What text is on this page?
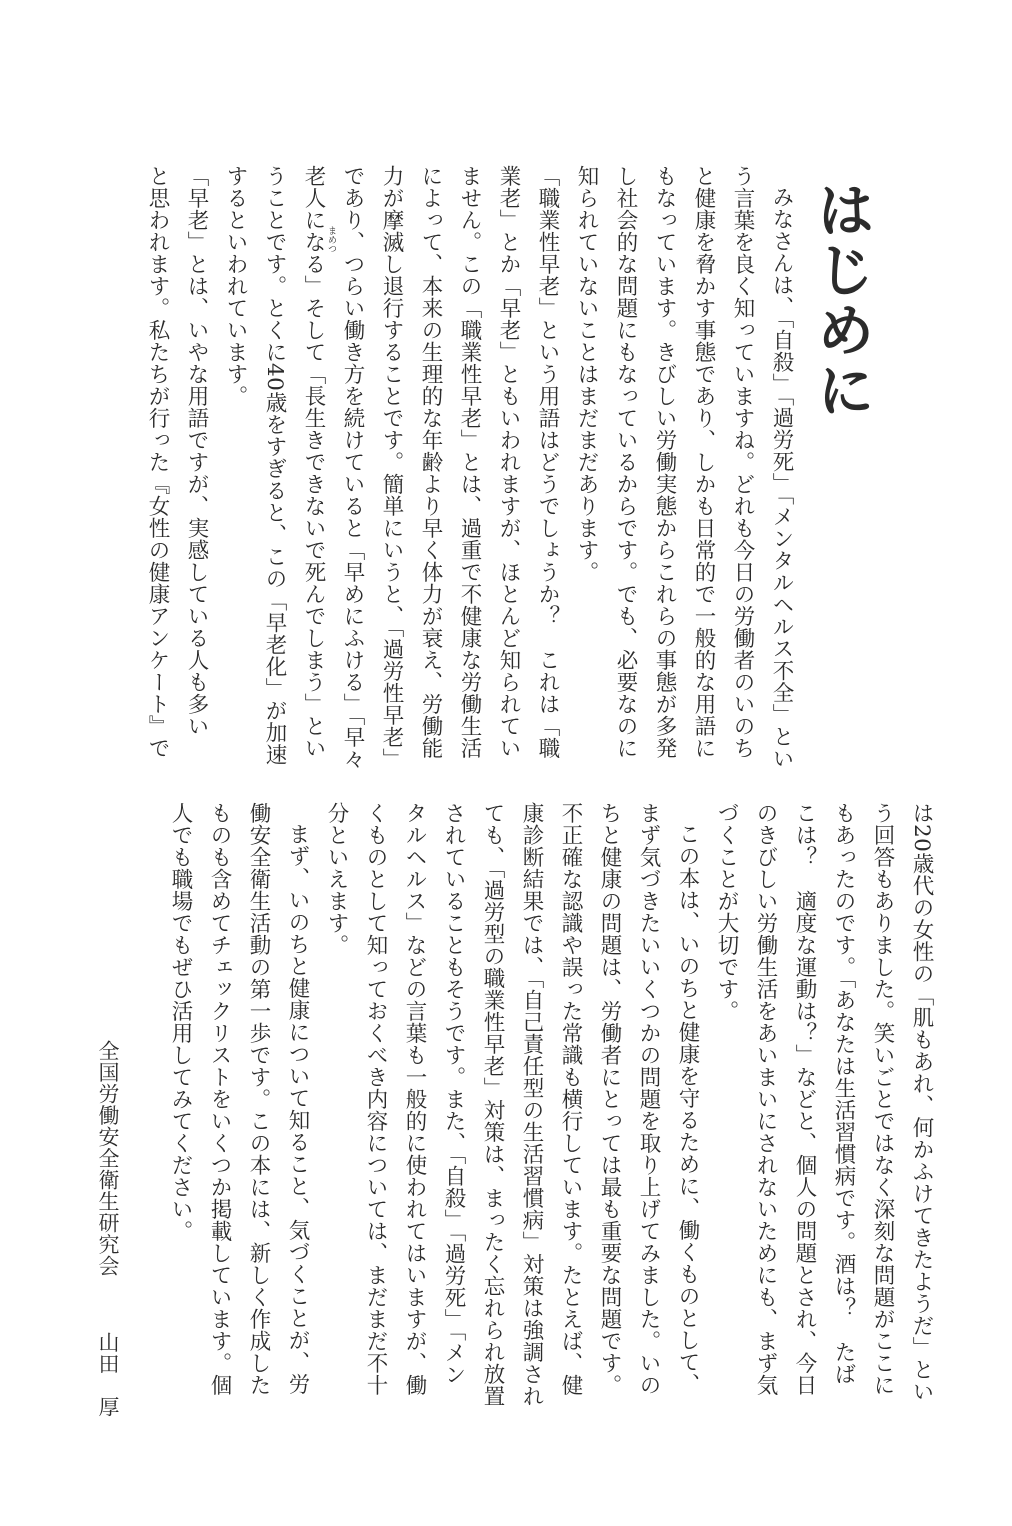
はじめに

みなさんは、「自殺」「過労死」「メンタルヘルス不全」とい

う言葉を良く知っていますね。どれも今日の労働者のいのち

と健康を脅かす事態であり、しかも日常的で一般的な用語に

もなっています。きびしい労働実態からこれらの事態が多発

し社会的な問題にもなっているからです。でも、必要なのに

知られていないことはまだまだあります。

「職業性早老」という用語はどうでしょうか？　これは「職

業老」とか「早老」ともいわれますが、ほとんど知られてい

ません。この「職業性早老」とは、過重で不健康な労働生活

によって、本来の生理的な年齢より早く体力が衰え、労働能

力が摩滅し退行することです。簡単にいうと、「過労性早老」

であり、つらい働き方を続けていると「早めにふける」「早々

老人になる」そして「長生きできないで死んでしまう」とい

うことです。とくに40歳をすぎると、この「早老化」が加速

するといわれています。

「早老」とは、いやな用語ですが、実感している人も多い

と思われます。私たちが行った『女性の健康アンケート』で	まめつ

は20歳代の女性の「肌もあれ、何かふけてきたようだ」とい

う回答もありました。笑いごとではなく深刻な問題がここに

もあったのです。「あなたは生活習慣病です。酒は？　たば

こは？　適度な運動は？」などと、個人の問題とされ、今日

のきびしい労働生活をあいまいにされないためにも、まず気

づくことが大切です。

この本は、いのちと健康を守るために、働くものとして、

まず気づきたいいくつかの問題を取り上げてみました。いの

ちと健康の問題は、労働者にとっては最も重要な問題です。

不正確な認識や誤った常識も横行しています。たとえば、健

康診断結果では、「自己責任型の生活習慣病」対策は強調され

ても、「過労型の職業性早老」対策は、まったく忘れられ放置

されていることもそうです。また、「自殺」「過労死」「メン

タルヘルス」などの言葉も一般的に使われてはいますが、働

くものとして知っておくべき内容については、まだまだ不十

分といえます。

まず、いのちと健康について知ること、気づくことが、労

働安全衛生活動の第一歩です。この本には、新しく作成した

ものも含めてチェックリストをいくつか掲載しています。個

人でも職場でもぜひ活用してみてください。

全国労働安全衛生研究会山田　厚
